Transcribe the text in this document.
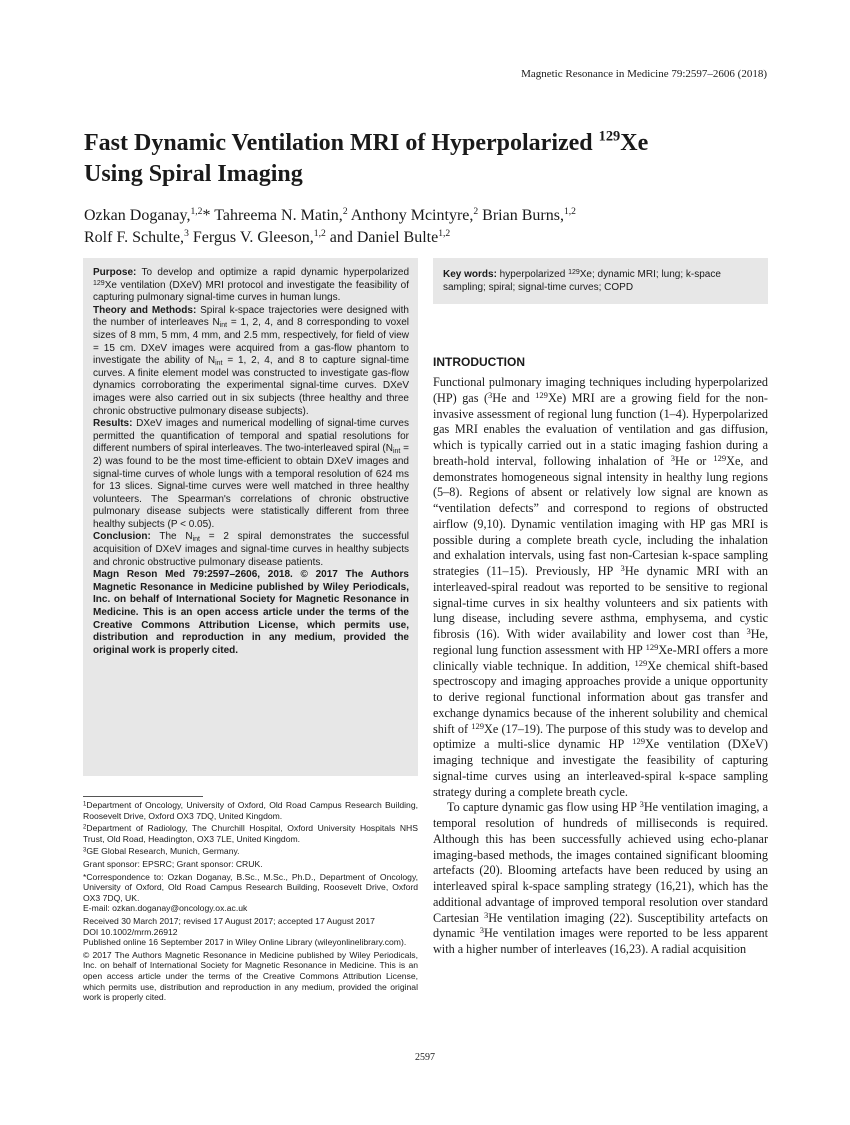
Magnetic Resonance in Medicine 79:2597–2606 (2018)
Fast Dynamic Ventilation MRI of Hyperpolarized $^{129}$Xe
Using Spiral Imaging
Ozkan Doganay,$^{1,2}$* Tahreema N. Matin,$^2$ Anthony Mcintyre,$^2$ Brian Burns,$^{1,2}$
Rolf F. Schulte,$^3$ Fergus V. Gleeson,$^{1,2}$ and Daniel Bulte$^{1,2}$

Purpose: To develop and optimize a rapid dynamic hyperpolarized $^{129}$Xe ventilation (DXeV) MRI protocol and investigate the feasibility of capturing pulmonary signal-time curves in human lungs.

Theory and Methods: Spiral k-space trajectories were designed with the number of interleaves $N_{int} = 1$, 2, 4, and 8 corresponding to voxel sizes of 8 mm, 5 mm, 4 mm, and 2.5 mm, respectively, for field of view = 15 cm. DXeV images were acquired from a gas-flow phantom to investigate the ability of $N_{int} = 1$, 2, 4, and 8 to capture signal-time curves. A finite element model was constructed to investigate gas-flow dynamics corroborating the experimental signal-time curves. DXeV images were also carried out in six subjects (three healthy and three chronic obstructive pulmonary disease subjects).

Results: DXeV images and numerical modelling of signal-time curves permitted the quantification of temporal and spatial resolutions for different numbers of spiral interleaves. The two-interleaved spiral $(N_{int} = 2)$ was found to be the most time-efficient to obtain DXeV images and signal-time curves of whole lungs with a temporal resolution of 624 ms for 13 slices. Signal-time curves were well matched in three healthy volunteers. The Spearman's correlations of chronic obstructive pulmonary disease subjects were statistically different from three healthy subjects (P < 0.05).

Conclusion: The $N_{int} = 2$ spiral demonstrates the successful acquisition of DXeV images and signal-time curves in healthy subjects and chronic obstructive pulmonary disease patients.

Magn Reson Med 79:2597–2606, 2018. © 2017 The Authors Magnetic Resonance in Medicine published by Wiley Periodicals, Inc. on behalf of International Society for Magnetic Resonance in Medicine. This is an open access article under the terms of the Creative Commons Attribution License, which permits use, distribution and reproduction in any medium, provided the original work is properly cited.

Key words: hyperpolarized $^{129}$Xe; dynamic MRI; lung; k-space sampling; spiral; signal-time curves; COPD

$^1$Department of Oncology, University of Oxford, Old Road Campus Research Building, Roosevelt Drive, Oxford OX3 7DQ, United Kingdom.

$^2$Department of Radiology, The Churchill Hospital, Oxford University Hospitals NHS Trust, Old Road, Headington, OX3 7LE, United Kingdom.

$^3$GE Global Research, Munich, Germany.

Grant sponsor: EPSRC; Grant sponsor: CRUK.

*Correspondence to: Ozkan Doganay, B.Sc., M.Sc., Ph.D., Department of Oncology, University of Oxford, Old Road Campus Research Building, Roosevelt Drive, Oxford OX3 7DQ, UK.

E-mail: ozkan.doganay@oncology.ox.ac.uk

Received 30 March 2017; revised 17 August 2017; accepted 17 August 2017

DOI 10.1002/mrm.26912

Published online 16 September 2017 in Wiley Online Library (wileyonlinelibrary.com).

© 2017 The Authors Magnetic Resonance in Medicine published by Wiley Periodicals, Inc. on behalf of International Society for Magnetic Resonance in Medicine. This is an open access article under the terms of the Creative Commons Attribution License, which permits use, distribution and reproduction in any medium, provided the original work is properly cited.

INTRODUCTION

Functional pulmonary imaging techniques including hyperpolarized (HP) gas ($^3$He and $^{129}$Xe) MRI are a growing field for the non-invasive assessment of regional lung function (1–4). Hyperpolarized gas MRI enables the evaluation of ventilation and gas diffusion, which is typically carried out in a static imaging fashion during a breath-hold interval, following inhalation of $^3$He or $^{129}$Xe, and demonstrates homogeneous signal intensity in healthy lung regions (5–8). Regions of absent or relatively low signal are known as “ventilation defects” and correspond to regions of obstructed airflow (9,10). Dynamic ventilation imaging with HP gas MRI is possible during a complete breath cycle, including the inhalation and exhalation intervals, using fast non-Cartesian k-space sampling strategies (11–15). Previously, HP $^3$He dynamic MRI with an interleaved-spiral readout was reported to be sensitive to regional signal-time curves in six healthy volunteers and six patients with lung disease, including severe asthma, emphysema, and cystic fibrosis (16). With wider availability and lower cost than $^3$He, regional lung function assessment with HP $^{129}$Xe-MRI offers a more clinically viable technique. In addition, $^{129}$Xe chemical shift-based spectroscopy and imaging approaches provide a unique opportunity to derive regional functional information about gas transfer and exchange dynamics because of the inherent solubility and chemical shift of $^{129}$Xe (17–19). The purpose of this study was to develop and optimize a multi-slice dynamic HP $^{129}$Xe ventilation (DXeV) imaging technique and investigate the feasibility of capturing signal-time curves using an interleaved-spiral k-space sampling strategy during a complete breath cycle.

To capture dynamic gas flow using HP $^3$He ventilation imaging, a temporal resolution of hundreds of milliseconds is required. Although this has been successfully achieved using echo-planar imaging-based methods, the images contained significant blooming artefacts (20). Blooming artefacts have been reduced by using an interleaved spiral k-space sampling strategy (16,21), which has the additional advantage of improved temporal resolution over standard Cartesian $^3$He ventilation imaging (22). Susceptibility artefacts on dynamic $^3$He ventilation images were reported to be less apparent with a higher number of interleaves (16,23). A radial acquisition

2597
